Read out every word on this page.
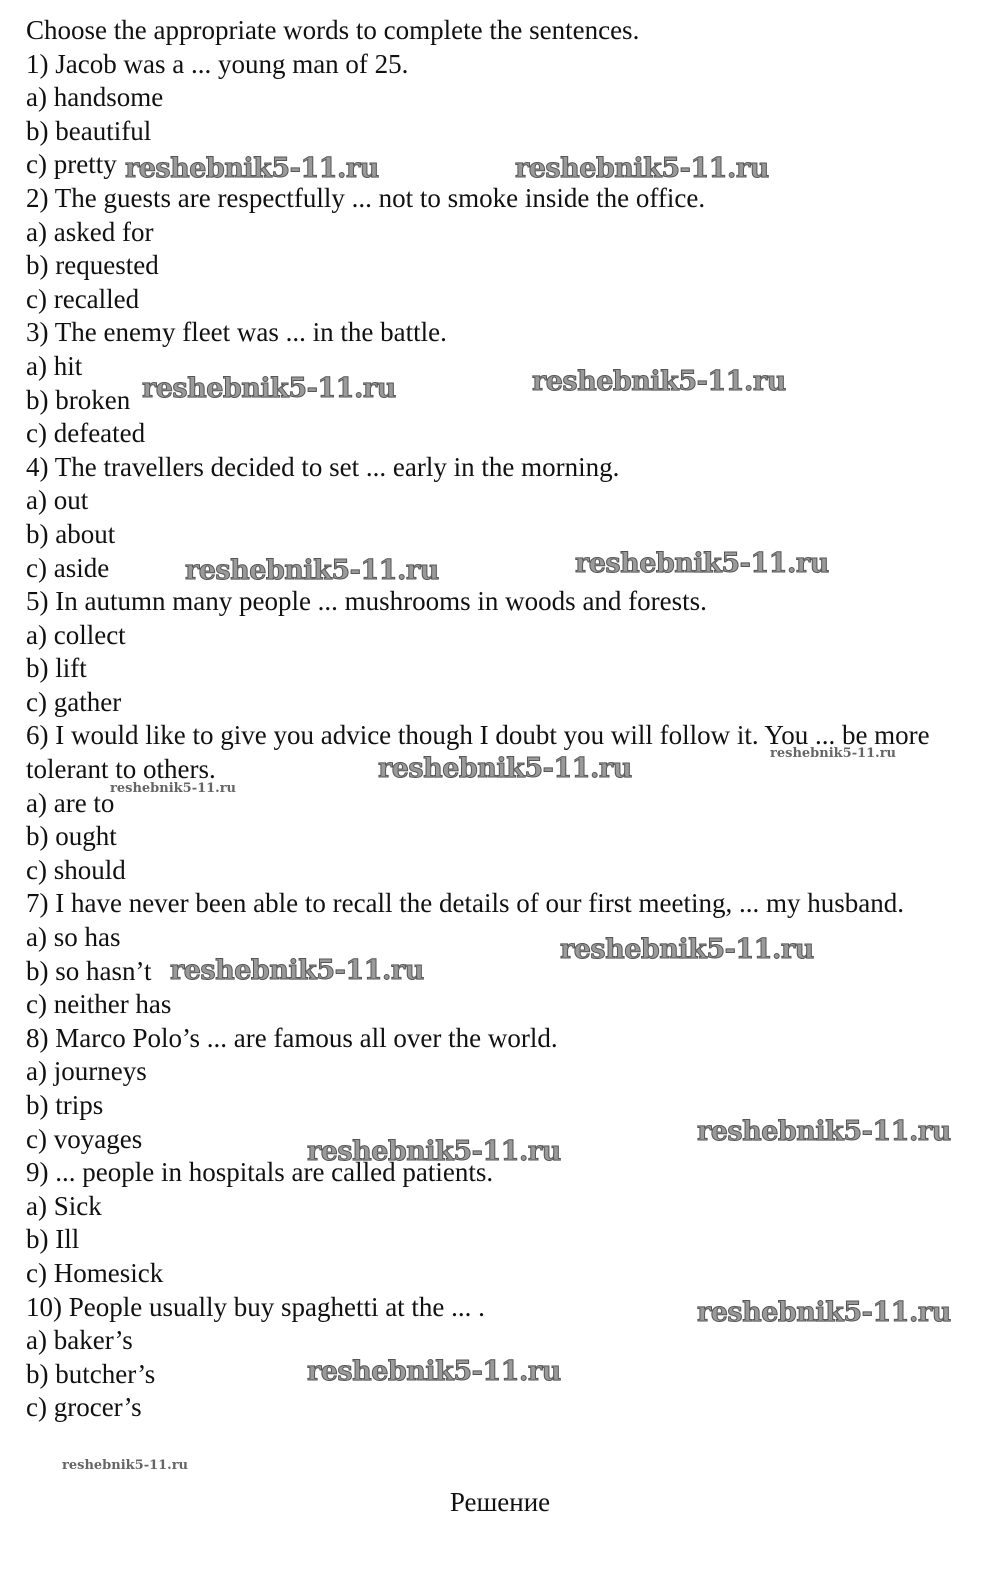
Choose the appropriate words to complete the sentences.
1) Jacob was a ... young man of 25.
a) handsome
b) beautiful
c) pretty
2) The guests are respectfully ... not to smoke inside the office.
a) asked for
b) requested
c) recalled
3) The enemy fleet was ... in the battle.
a) hit
b) broken
c) defeated
4) The travellers decided to set ... early in the morning.
a) out
b) about
c) aside
5) In autumn many people ... mushrooms in woods and forests.
a) collect
b) lift
c) gather
6) I would like to give you advice though I doubt you will follow it. You ... be more tolerant to others.
a) are to
b) ought
c) should
7) I have never been able to recall the details of our first meeting, ... my husband.
a) so has
b) so hasn’t
c) neither has
8) Marco Polo’s ... are famous all over the world.
a) journeys
b) trips
c) voyages
9) ... people in hospitals are called patients.
a) Sick
b) Ill
c) Homesick
10) People usually buy spaghetti at the ... .
a) baker’s
b) butcher’s
c) grocer’s
reshebnik5-11.ru	reshebnik5-11.ru
reshebnik5-11.ru	reshebnik5-11.ru
reshebnik5-11.ru	reshebnik5-11.ru
reshebnik5-11.ru
reshebnik5-11.ru
reshebnik5-11.ru
reshebnik5-11.ru
reshebnik5-11.ru
reshebnik5-11.ru
reshebnik5-11.ru
reshebnik5-11.ru
reshebnik5-11.ru
reshebnik5-11.ru
Решение
